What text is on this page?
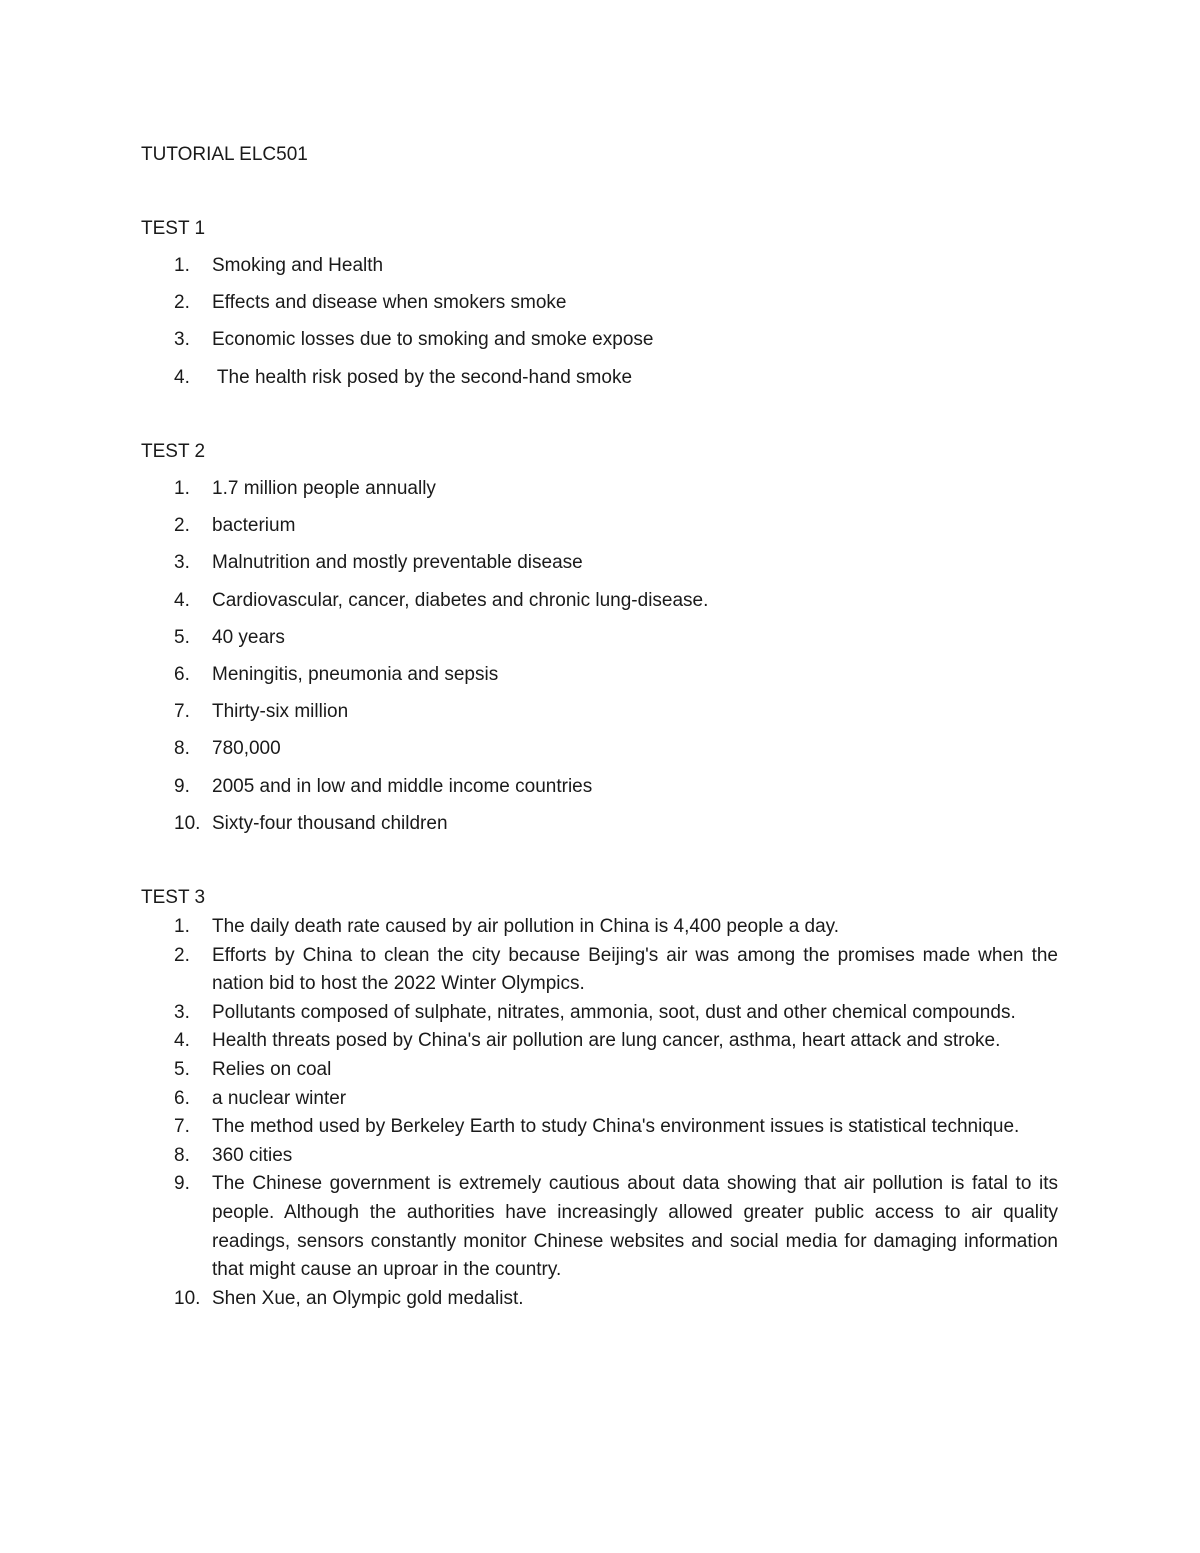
TUTORIAL ELC501
TEST 1
1. Smoking and Health
2. Effects and disease when smokers smoke
3. Economic losses due to smoking and smoke expose
4. The health risk posed by the second-hand smoke
TEST 2
1. 1.7 million people annually
2. bacterium
3. Malnutrition and mostly preventable disease
4. Cardiovascular, cancer, diabetes and chronic lung-disease.
5. 40 years
6. Meningitis, pneumonia and sepsis
7. Thirty-six million
8. 780,000
9. 2005 and in low and middle income countries
10. Sixty-four thousand children
TEST 3
1. The daily death rate caused by air pollution in China is 4,400 people a day.
2. Efforts by China to clean the city because Beijing's air was among the promises made when the nation bid to host the 2022 Winter Olympics.
3. Pollutants composed of sulphate, nitrates, ammonia, soot, dust and other chemical compounds.
4. Health threats posed by China's air pollution are lung cancer, asthma, heart attack and stroke.
5. Relies on coal
6. a nuclear winter
7. The method used by Berkeley Earth to study China's environment issues is statistical technique.
8. 360 cities
9. The Chinese government is extremely cautious about data showing that air pollution is fatal to its people. Although the authorities have increasingly allowed greater public access to air quality readings, sensors constantly monitor Chinese websites and social media for damaging information that might cause an uproar in the country.
10. Shen Xue, an Olympic gold medalist.
